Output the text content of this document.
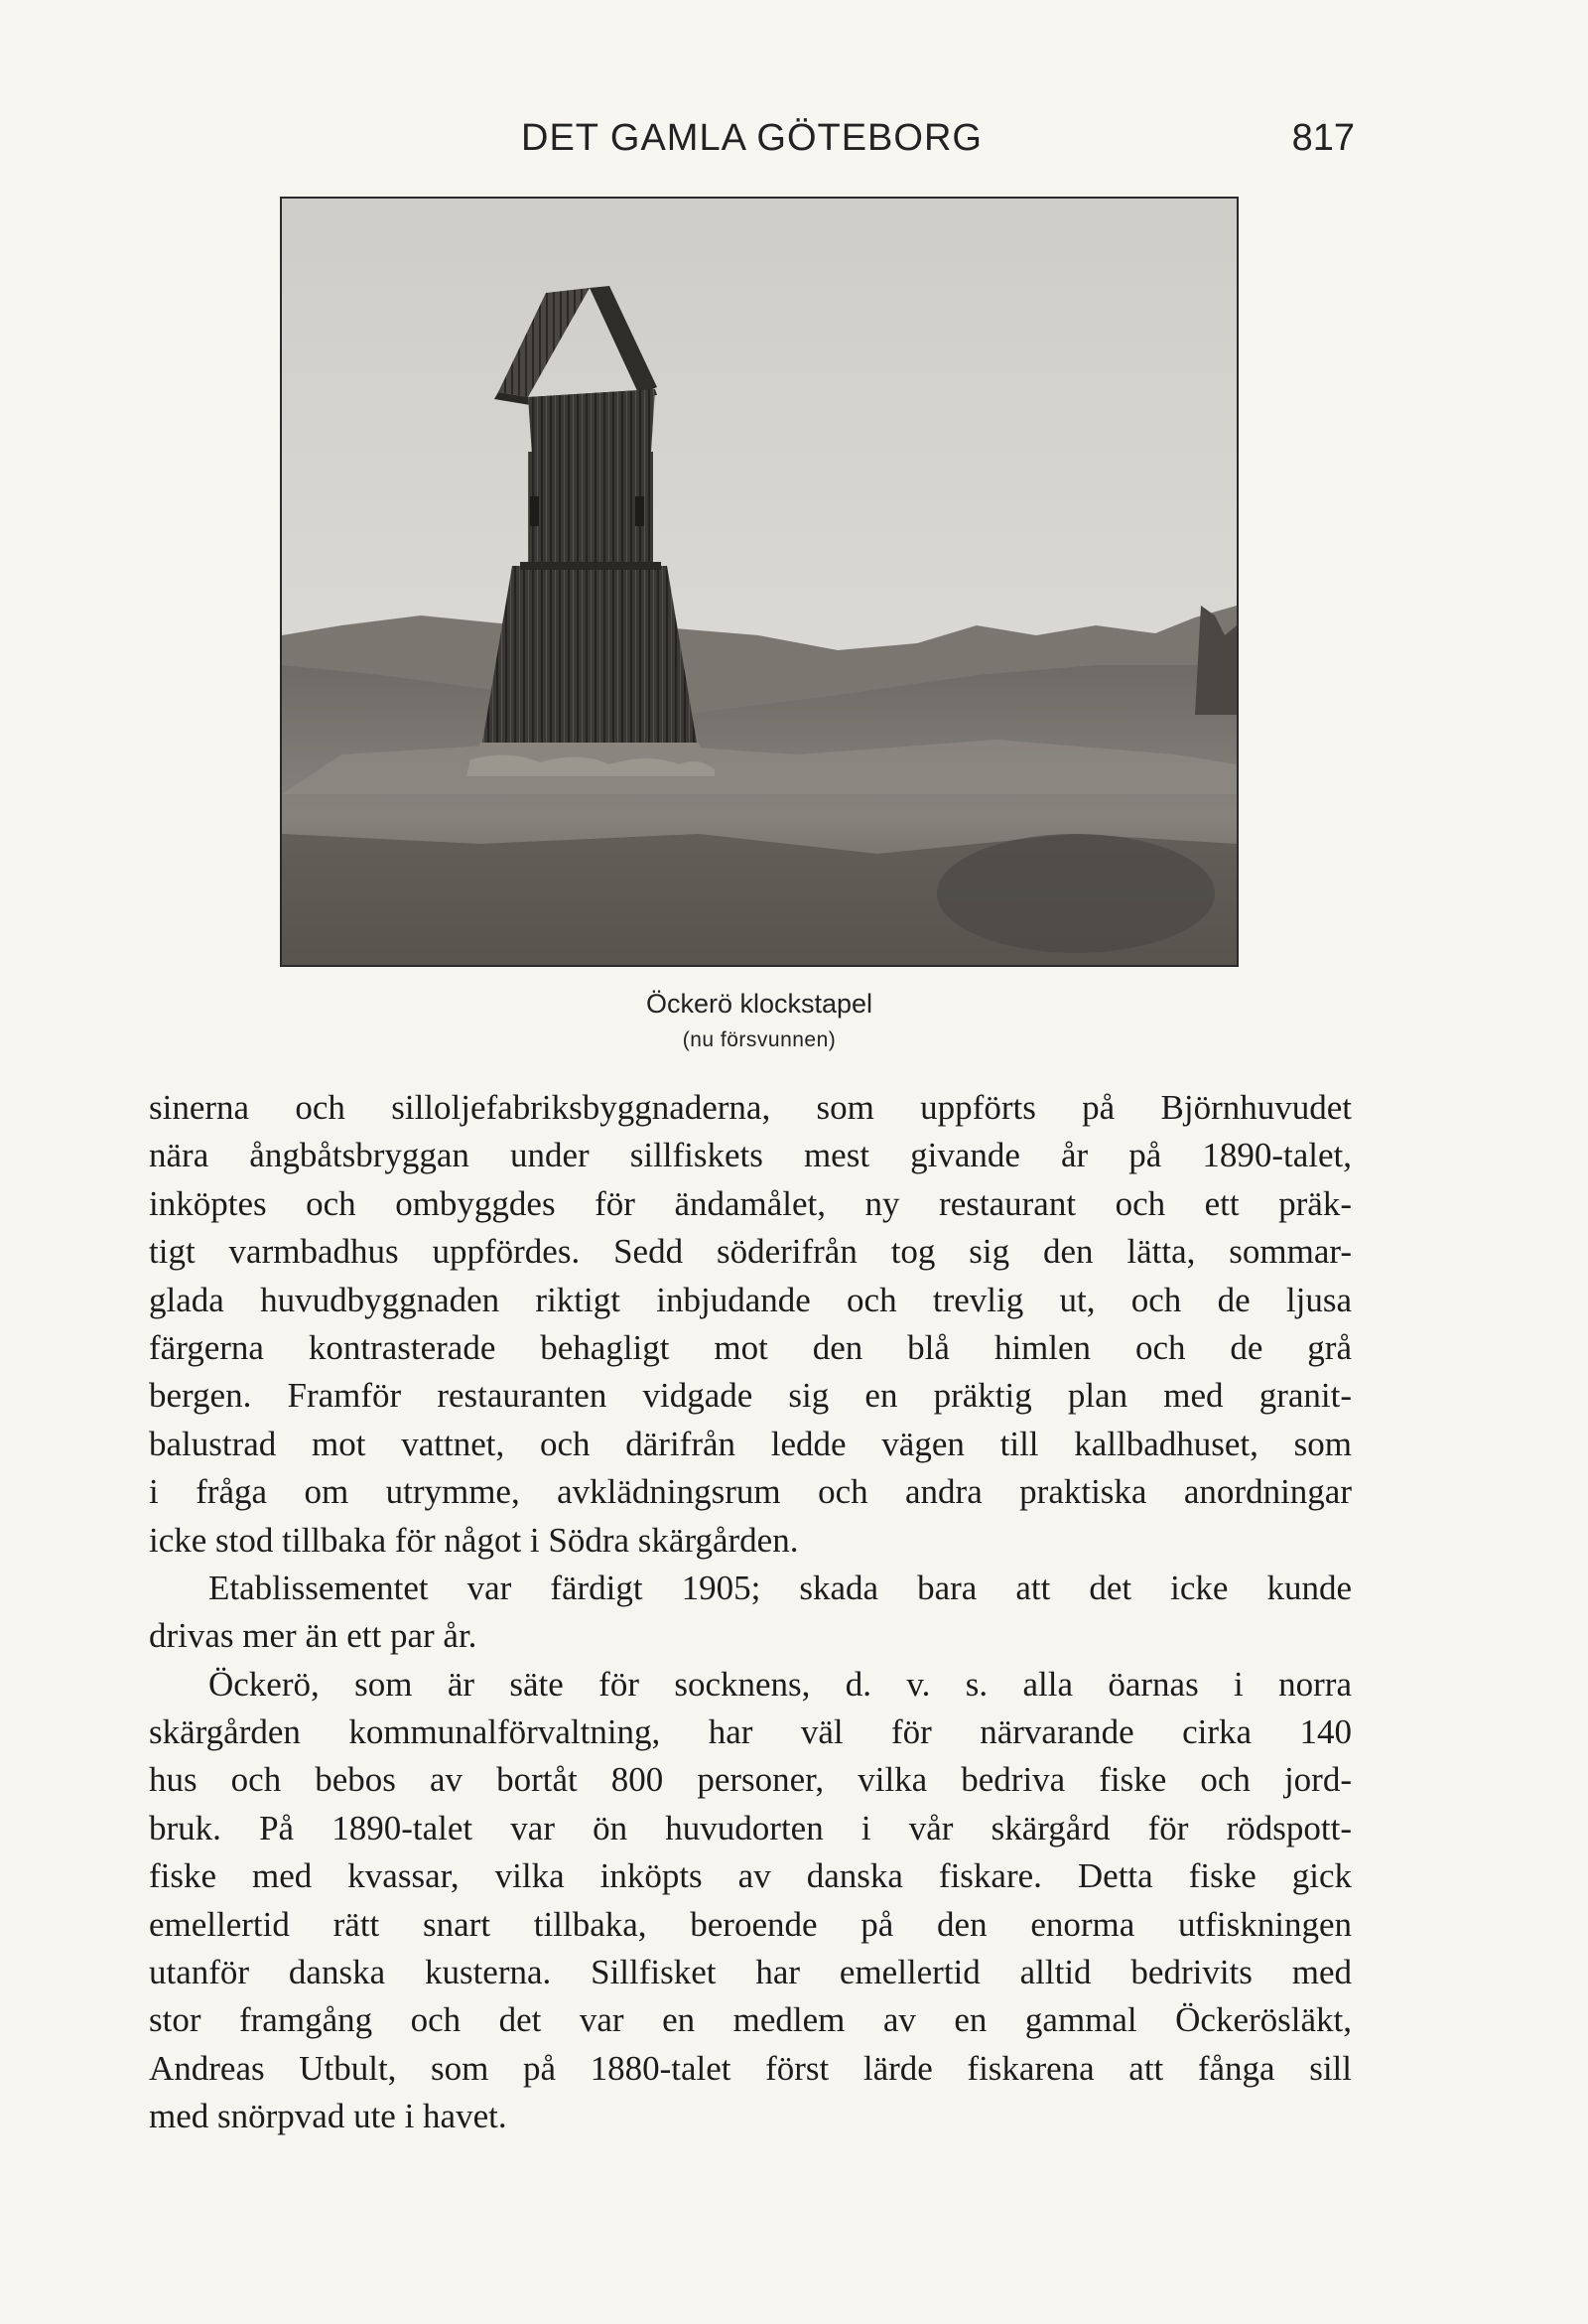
DET GAMLA GÖTEBORG	817
Öckerö klockstapel
(nu försvunnen)
sinerna och silloljefabriksbyggnaderna, som uppförts på Björnhuvudet
nära ångbåtsbryggan under sillfiskets mest givande år på 1890-talet,
inköptes och ombyggdes för ändamålet, ny restaurant och ett präk-
tigt varmbadhus uppfördes. Sedd söderifrån tog sig den lätta, sommar-
glada huvudbyggnaden riktigt inbjudande och trevlig ut, och de ljusa
färgerna kontrasterade behagligt mot den blå himlen och de grå
bergen. Framför restauranten vidgade sig en präktig plan med granit-
balustrad mot vattnet, och därifrån ledde vägen till kallbadhuset, som
i fråga om utrymme, avklädningsrum och andra praktiska anordningar
icke stod tillbaka för något i Södra skärgården.
Etablissementet var färdigt 1905; skada bara att det icke kunde
drivas mer än ett par år.
Öckerö, som är säte för socknens, d. v. s. alla öarnas i norra
skärgården kommunalförvaltning, har väl för närvarande cirka 140
hus och bebos av bortåt 800 personer, vilka bedriva fiske och jord-
bruk. På 1890-talet var ön huvudorten i vår skärgård för rödspott-
fiske med kvassar, vilka inköpts av danska fiskare. Detta fiske gick
emellertid rätt snart tillbaka, beroende på den enorma utfiskningen
utanför danska kusterna. Sillfisket har emellertid alltid bedrivits med
stor framgång och det var en medlem av en gammal Öckerösläkt,
Andreas Utbult, som på 1880-talet först lärde fiskarena att fånga sill
med snörpvad ute i havet.
